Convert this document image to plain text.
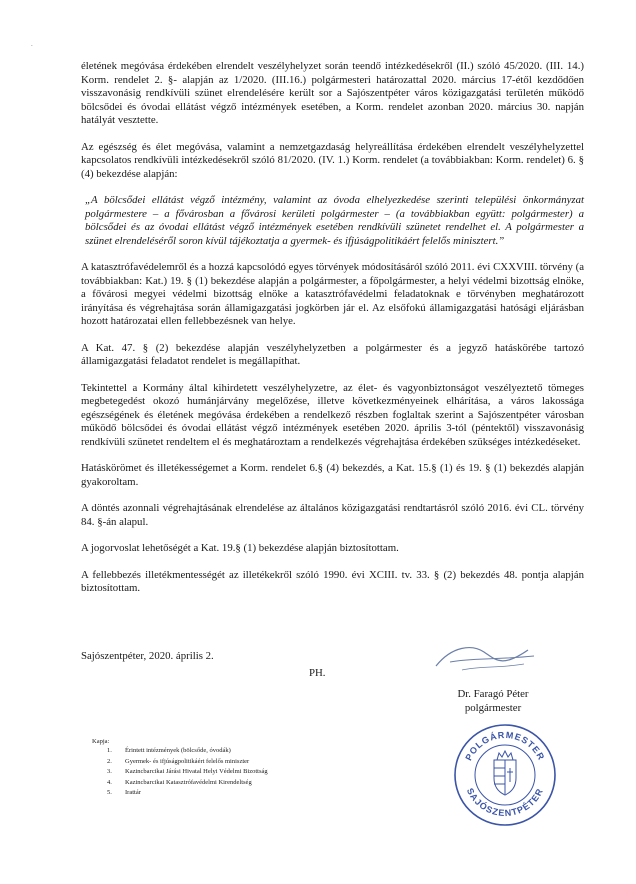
.

életének megóvása érdekében elrendelt veszélyhelyzet során teendő intézkedésekről (II.) szóló 45/2020. (III. 14.) Korm. rendelet 2. §- alapján az 1/2020. (III.16.) polgármesteri határozattal 2020. március 17-étől kezdődően visszavonásig rendkívüli szünet elrendelésére került sor a Sajószentpéter város közigazgatási területén működő bölcsődei és óvodai ellátást végző intézmények esetében, a Korm. rendelet azonban 2020. március 30. napján hatályát vesztette.

Az egészség és élet megóvása, valamint a nemzetgazdaság helyreállítása érdekében elrendelt veszélyhelyzettel kapcsolatos rendkívüli intézkedésekről szóló 81/2020. (IV. 1.) Korm. rendelet (a továbbiakban: Korm. rendelet) 6. § (4) bekezdése alapján:

„A bölcsődei ellátást végző intézmény, valamint az óvoda elhelyezkedése szerinti települési önkormányzat polgármestere – a fővárosban a fővárosi kerületi polgármester – (a továbbiakban együtt: polgármester) a bölcsődei és az óvodai ellátást végző intézmények esetében rendkívüli szünetet rendelhet el. A polgármester a szünet elrendeléséről soron kívül tájékoztatja a gyermek- és ifjúságpolitikáért felelős minisztert.”

A katasztrófavédelemről és a hozzá kapcsolódó egyes törvények módosításáról szóló 2011. évi CXXVIII. törvény (a továbbiakban: Kat.) 19. § (1) bekezdése alapján a polgármester, a főpolgármester, a helyi védelmi bizottság elnöke, a fővárosi megyei védelmi bizottság elnöke a katasztrófavédelmi feladatoknak e törvényben meghatározott irányítása és végrehajtása során államigazgatási jogkörben jár el. Az elsőfokú államigazgatási hatósági eljárásban hozott határozatai ellen fellebbezésnek van helye.

A Kat. 47. § (2) bekezdése alapján veszélyhelyzetben a polgármester és a jegyző hatáskörébe tartozó államigazgatási feladatot rendelet is megállapíthat.

Tekintettel a Kormány által kihirdetett veszélyhelyzetre, az élet- és vagyonbiztonságot veszélyeztető tömeges megbetegedést okozó humánjárvány megelőzése, illetve következményeinek elhárítása, a város lakossága egészségének és életének megóvása érdekében a rendelkező részben foglaltak szerint a Sajószentpéter városban működő bölcsődei és óvodai ellátást végző intézmények esetében 2020. április 3-tól (péntektől) visszavonásig rendkívüli szünetet rendeltem el és meghatároztam a rendelkezés végrehajtása érdekében szükséges intézkedéseket.

Hatáskörömet és illetékességemet a Korm. rendelet 6.§ (4) bekezdés, a Kat. 15.§ (1) és 19. § (1) bekezdés alapján gyakoroltam.

A döntés azonnali végrehajtásának elrendelése az általános közigazgatási rendtartásról szóló 2016. évi CL. törvény 84. §-án alapul.

A jogorvoslat lehetőségét a Kat. 19.§ (1) bekezdése alapján biztosítottam.

A fellebbezés illetékmentességét az illetékekről szóló 1990. évi XCIII. tv. 33. § (2) bekezdés 48. pontja alapján biztosítottam.

Sajószentpéter, 2020. április 2.
PH.
Dr. Faragó Péter
polgármester
Kapja:
1.	Érintett intézmények (bölcsőde, óvodák)
2.	Gyermek- és ifjúságpolitikáért felelős miniszter
3.	Kazincbarcikai Járási Hivatal Helyi Védelmi Bizottság
4.	Kazincbarcikai Katasztrófavédelmi Kirendeltség
5.	Irattár
POLGÁRMESTER
SAJÓSZENTPÉTER
